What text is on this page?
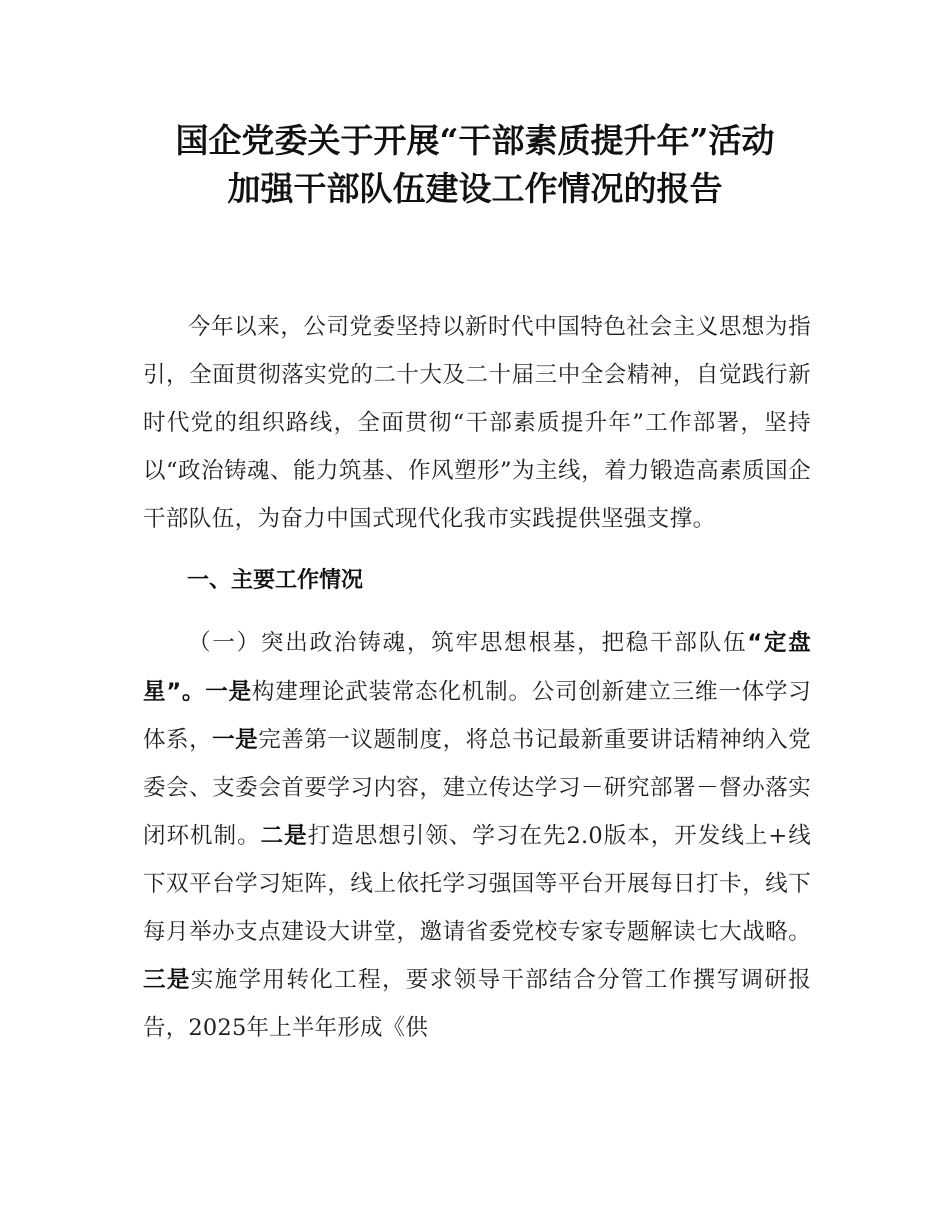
国企党委关于开展“干部素质提升年”活动
加强干部队伍建设工作情况的报告

今年以来，公司党委坚持以新时代中国特色社会主义思想为指引，全面贯彻落实党的二十大及二十届三中全会精神，自觉践行新时代党的组织路线，全面贯彻“干部素质提升年”工作部署，坚持以“政治铸魂、能力筑基、作风塑形”为主线，着力锻造高素质国企干部队伍，为奋力中国式现代化我市实践提供坚强支撑。

一、主要工作情况

（一）突出政治铸魂，筑牢思想根基，把稳干部队伍“定盘星”。一是构建理论武装常态化机制。公司创新建立三维一体学习体系，一是完善第一议题制度，将总书记最新重要讲话精神纳入党委会、支委会首要学习内容，建立传达学习－研究部署－督办落实闭环机制。二是打造思想引领、学习在先2.0版本，开发线上+线下双平台学习矩阵，线上依托学习强国等平台开展每日打卡，线下每月举办支点建设大讲堂，邀请省委党校专家专题解读七大战略。三是实施学用转化工程，要求领导干部结合分管工作撰写调研报告，2025年上半年形成《供
